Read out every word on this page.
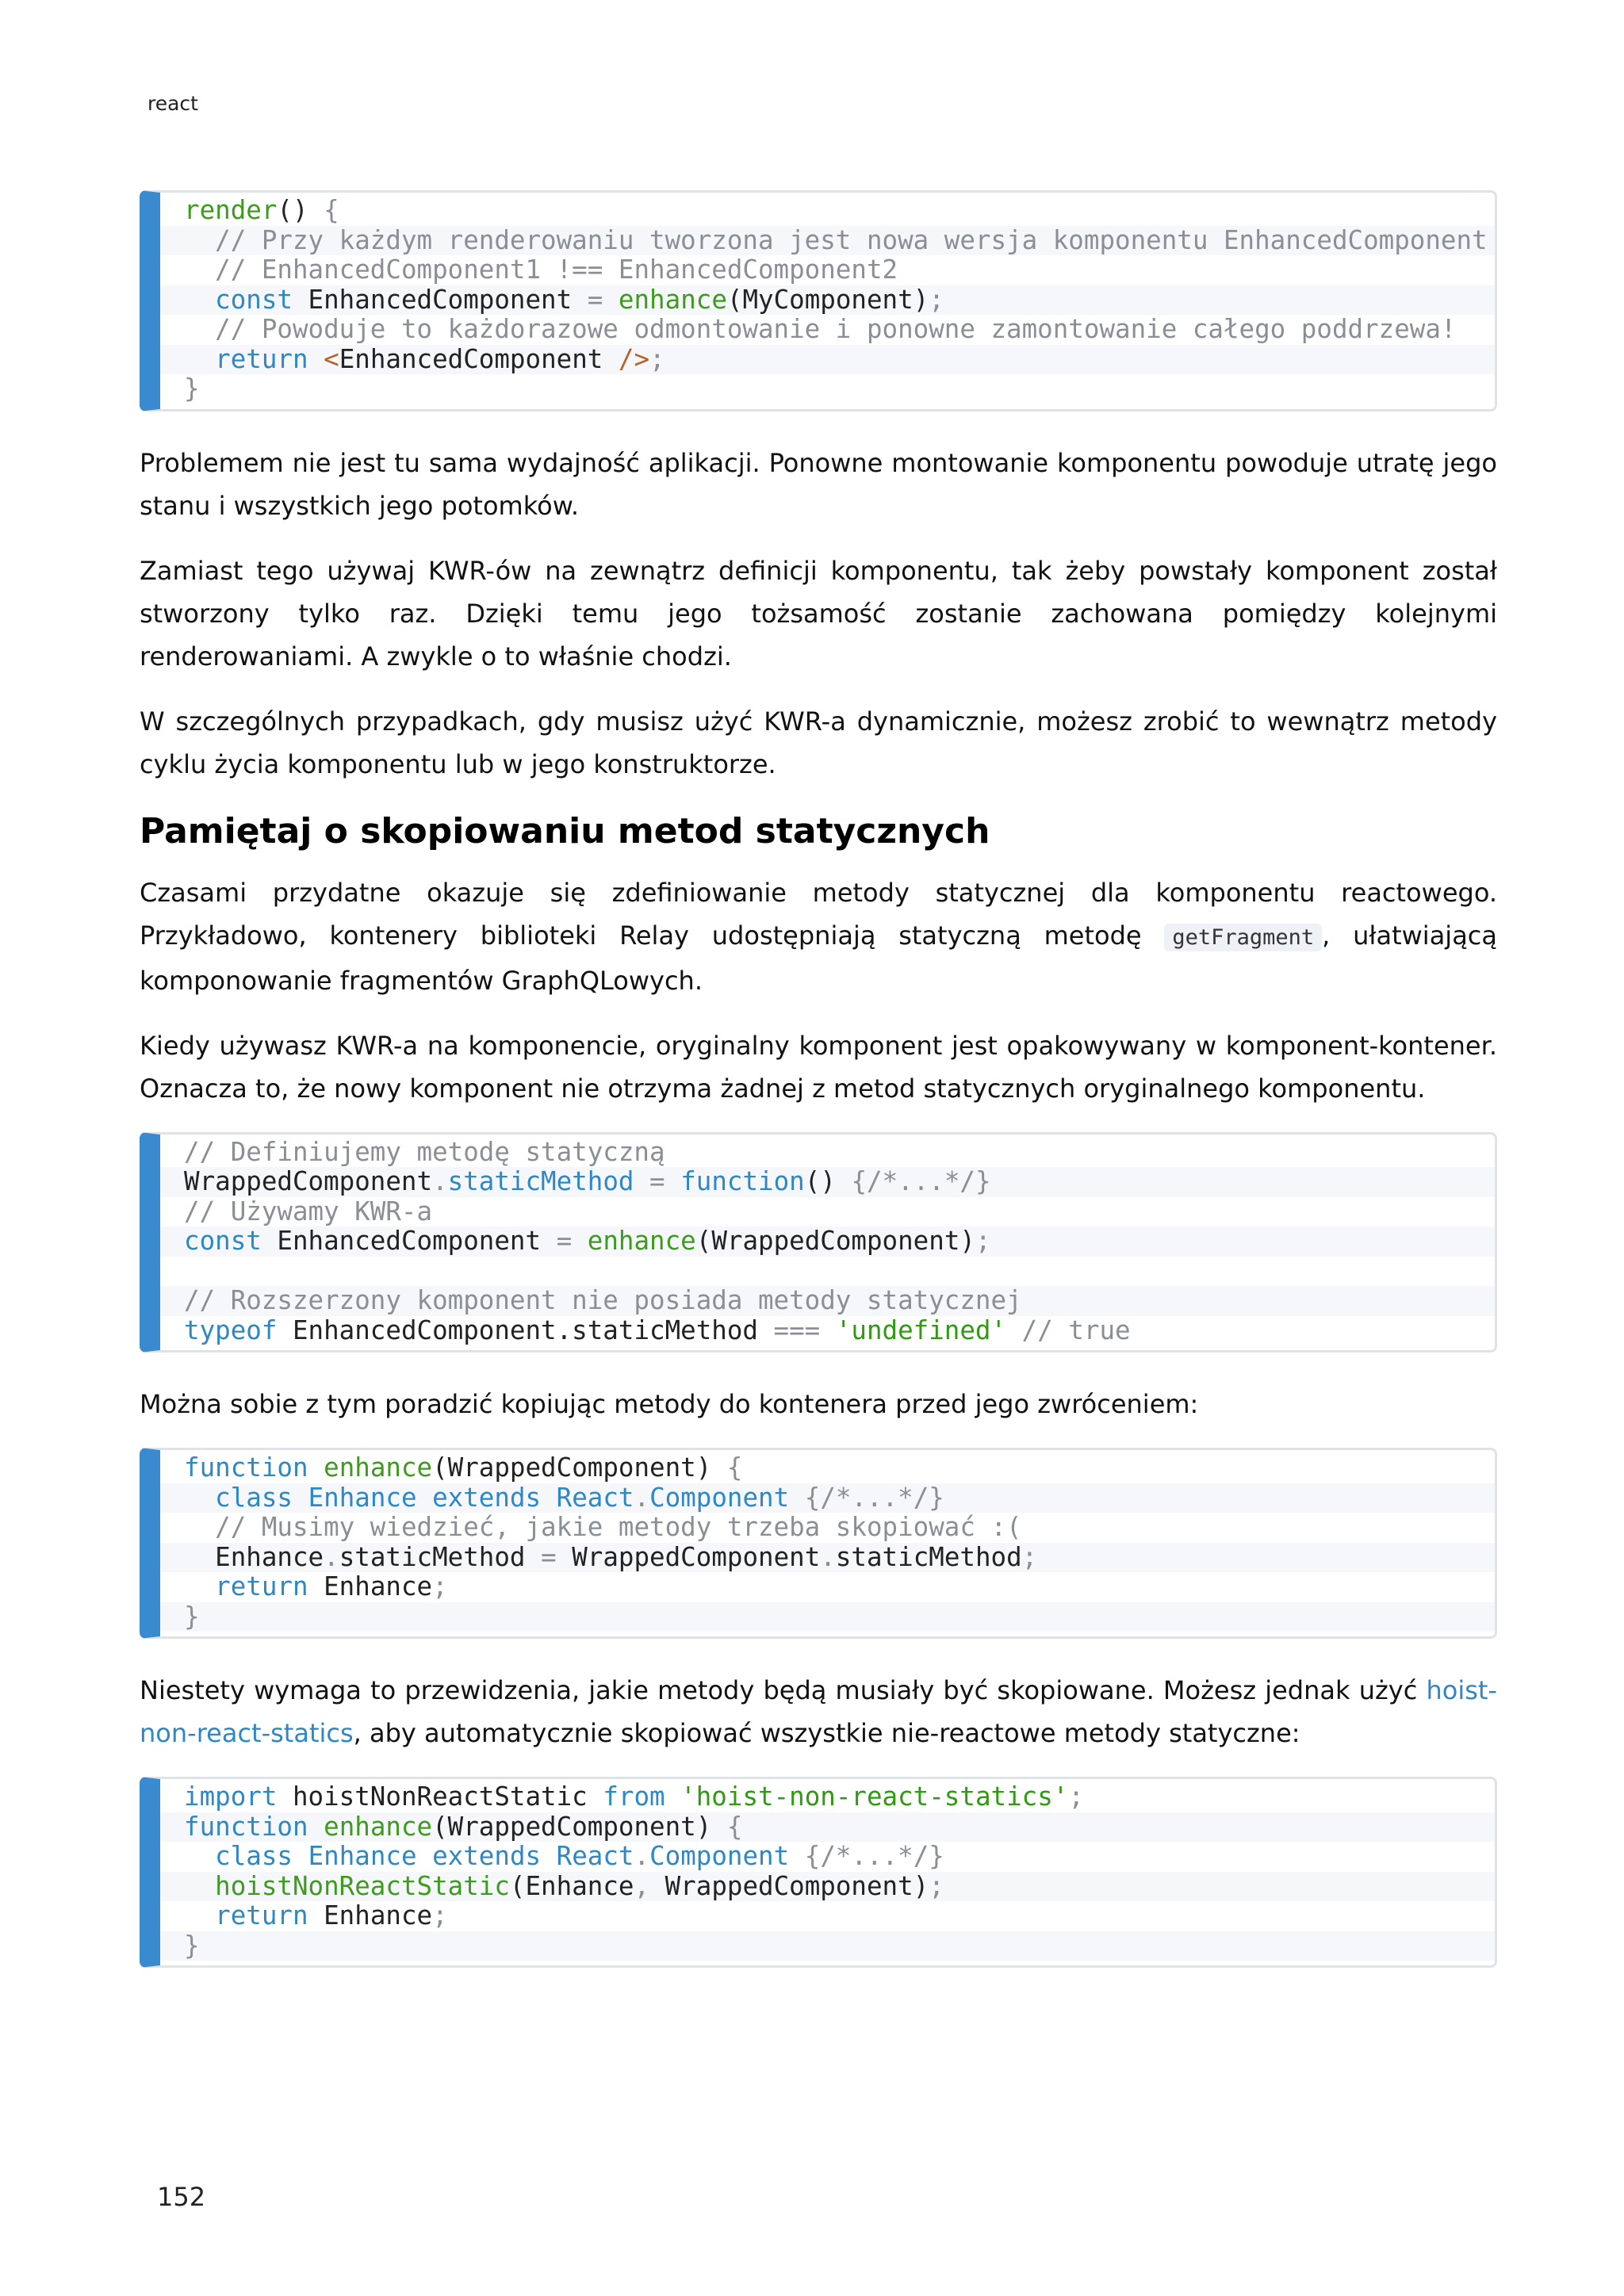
react
render() {
// Przy każdym renderowaniu tworzona jest nowa wersja komponentu EnhancedComponent
// EnhancedComponent1 !== EnhancedComponent2
const EnhancedComponent = enhance(MyComponent);
// Powoduje to każdorazowe odmontowanie i ponowne zamontowanie całego poddrzewa!
return <EnhancedComponent />;
}

Problemem nie jest tu sama wydajność aplikacji. Ponowne montowanie komponentu powoduje utratę jego stanu i wszystkich jego potomków.

Zamiast tego używaj KWR-ów na zewnątrz definicji komponentu, tak żeby powstały komponent został stworzony tylko raz. Dzięki temu jego tożsamość zostanie zachowana pomiędzy kolejnymi renderowaniami. A zwykle o to właśnie chodzi.

W szczególnych przypadkach, gdy musisz użyć KWR-a dynamicznie, możesz zrobić to wewnątrz metody cyklu życia komponentu lub w jego konstruktorze.

Pamiętaj o skopiowaniu metod statycznych

Czasami przydatne okazuje się zdefiniowanie metody statycznej dla komponentu reactowego. Przykładowo, kontenery biblioteki Relay udostępniają statyczną metodę getFragment , ułatwiającą komponowanie fragmentów GraphQLowych.

Kiedy używasz KWR-a na komponencie, oryginalny komponent jest opakowywany w komponent-kontener. Oznacza to, że nowy komponent nie otrzyma żadnej z metod statycznych oryginalnego komponentu.

// Definiujemy metodę statyczną
WrappedComponent.staticMethod = function() {/*...*/}
// Używamy KWR-a
const EnhancedComponent = enhance(WrappedComponent);

// Rozszerzony komponent nie posiada metody statycznej
typeof EnhancedComponent.staticMethod === 'undefined' // true

Można sobie z tym poradzić kopiując metody do kontenera przed jego zwróceniem:

function enhance(WrappedComponent) {
class Enhance extends React.Component {/*...*/}
// Musimy wiedzieć, jakie metody trzeba skopiować :(
Enhance.staticMethod = WrappedComponent.staticMethod;
return Enhance;
}

Niestety wymaga to przewidzenia, jakie metody będą musiały być skopiowane. Możesz jednak użyć hoist-non-react-statics, aby automatycznie skopiować wszystkie nie-reactowe metody statyczne:

import hoistNonReactStatic from 'hoist-non-react-statics';
function enhance(WrappedComponent) {
class Enhance extends React.Component {/*...*/}
hoistNonReactStatic(Enhance, WrappedComponent);
return Enhance;
}
152
